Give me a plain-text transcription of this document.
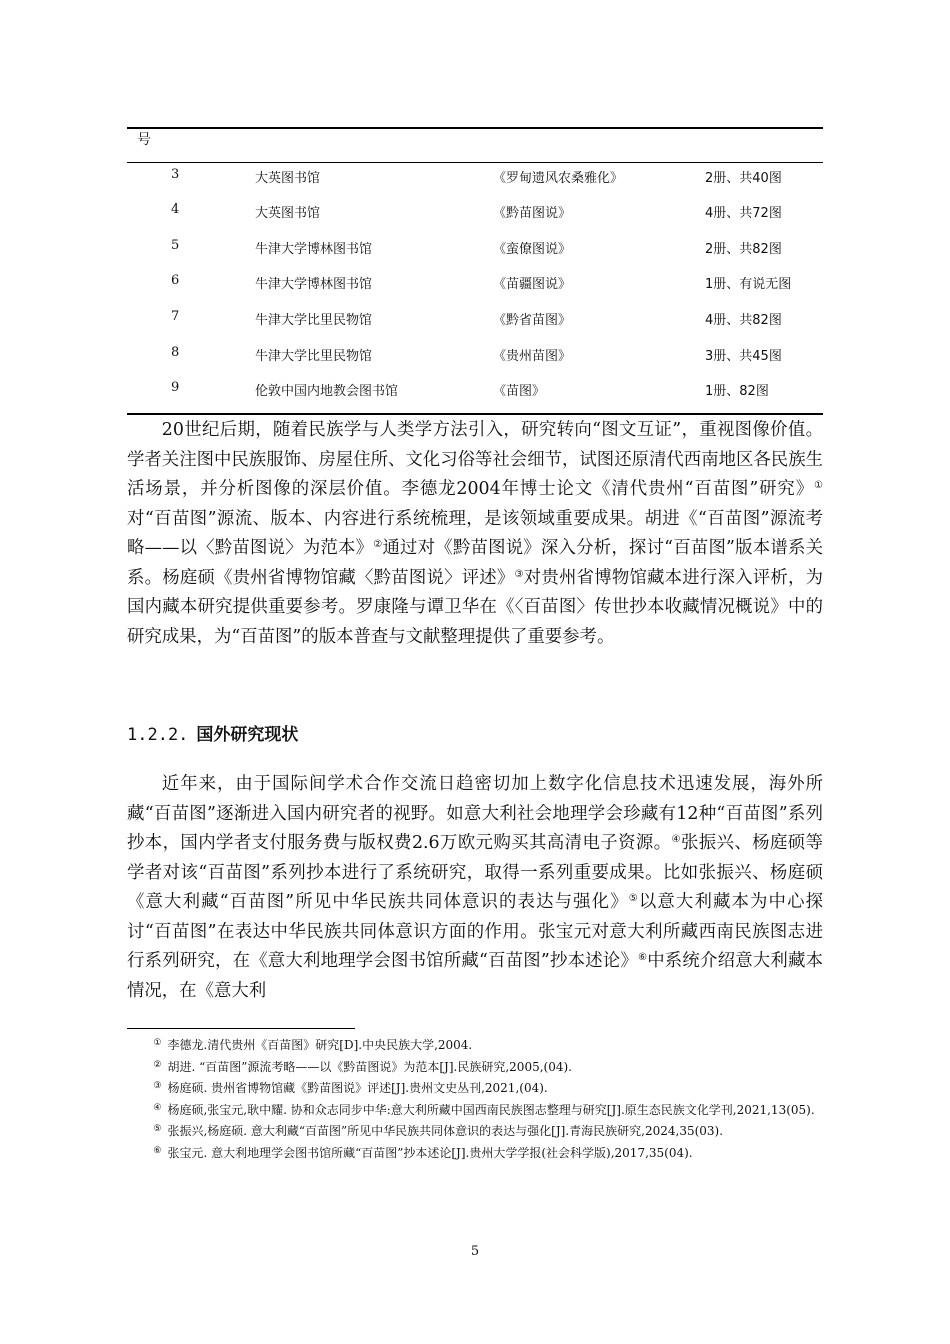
号
3	大英图书馆	《罗甸遗风农桑雅化》	2册、共40图
4	大英图书馆	《黔苗图说》	4册、共72图
5	牛津大学博林图书馆	《蛮僚图说》	2册、共82图
6	牛津大学博林图书馆	《苗疆图说》	1册、有说无图
7	牛津大学比里民物馆	《黔省苗图》	4册、共82图
8	牛津大学比里民物馆	《贵州苗图》	3册、共45图
9	伦敦中国内地教会图书馆	《苗图》	1册、82图

20世纪后期，随着民族学与人类学方法引入，研究转向“图文互证”，重视图像价值。学者关注图中民族服饰、房屋住所、文化习俗等社会细节，试图还原清代西南地区各民族生活场景，并分析图像的深层价值。李德龙2004年博士论文《清代贵州“百苗图”研究》①对“百苗图”源流、版本、内容进行系统梳理，是该领域重要成果。胡进《“百苗图”源流考略——以〈黔苗图说〉为范本》②通过对《黔苗图说》深入分析，探讨“百苗图”版本谱系关系。杨庭硕《贵州省博物馆藏〈黔苗图说〉评述》③对贵州省博物馆藏本进行深入评析，为国内藏本研究提供重要参考。罗康隆与谭卫华在《〈百苗图〉传世抄本收藏情况概说》中的研究成果，为“百苗图”的版本普查与文献整理提供了重要参考。

1.2.2. 国外研究现状

近年来，由于国际间学术合作交流日趋密切加上数字化信息技术迅速发展，海外所藏“百苗图”逐渐进入国内研究者的视野。如意大利社会地理学会珍藏有12种“百苗图”系列抄本，国内学者支付服务费与版权费2.6万欧元购买其高清电子资源。④张振兴、杨庭硕等学者对该“百苗图”系列抄本进行了系统研究，取得一系列重要成果。比如张振兴、杨庭硕《意大利藏“百苗图”所见中华民族共同体意识的表达与强化》⑤以意大利藏本为中心探讨“百苗图”在表达中华民族共同体意识方面的作用。张宝元对意大利所藏西南民族图志进行系列研究，在《意大利地理学会图书馆所藏“百苗图”抄本述论》⑥中系统介绍意大利藏本情况，在《意大利

① 李德龙.清代贵州《百苗图》研究[D].中央民族大学,2004.

② 胡进. “百苗图”源流考略——以《黔苗图说》为范本[J].民族研究,2005,(04).

③ 杨庭硕. 贵州省博物馆藏《黔苗图说》评述[J].贵州文史丛刊,2021,(04).

④ 杨庭硕,张宝元,耿中耀. 协和众志同步中华:意大利所藏中国西南民族图志整理与研究[J].原生态民族文化学刊,2021,13(05).

⑤ 张振兴,杨庭硕. 意大利藏“百苗图”所见中华民族共同体意识的表达与强化[J].青海民族研究,2024,35(03).

⑥ 张宝元. 意大利地理学会图书馆所藏“百苗图”抄本述论[J].贵州大学学报(社会科学版),2017,35(04).

5
